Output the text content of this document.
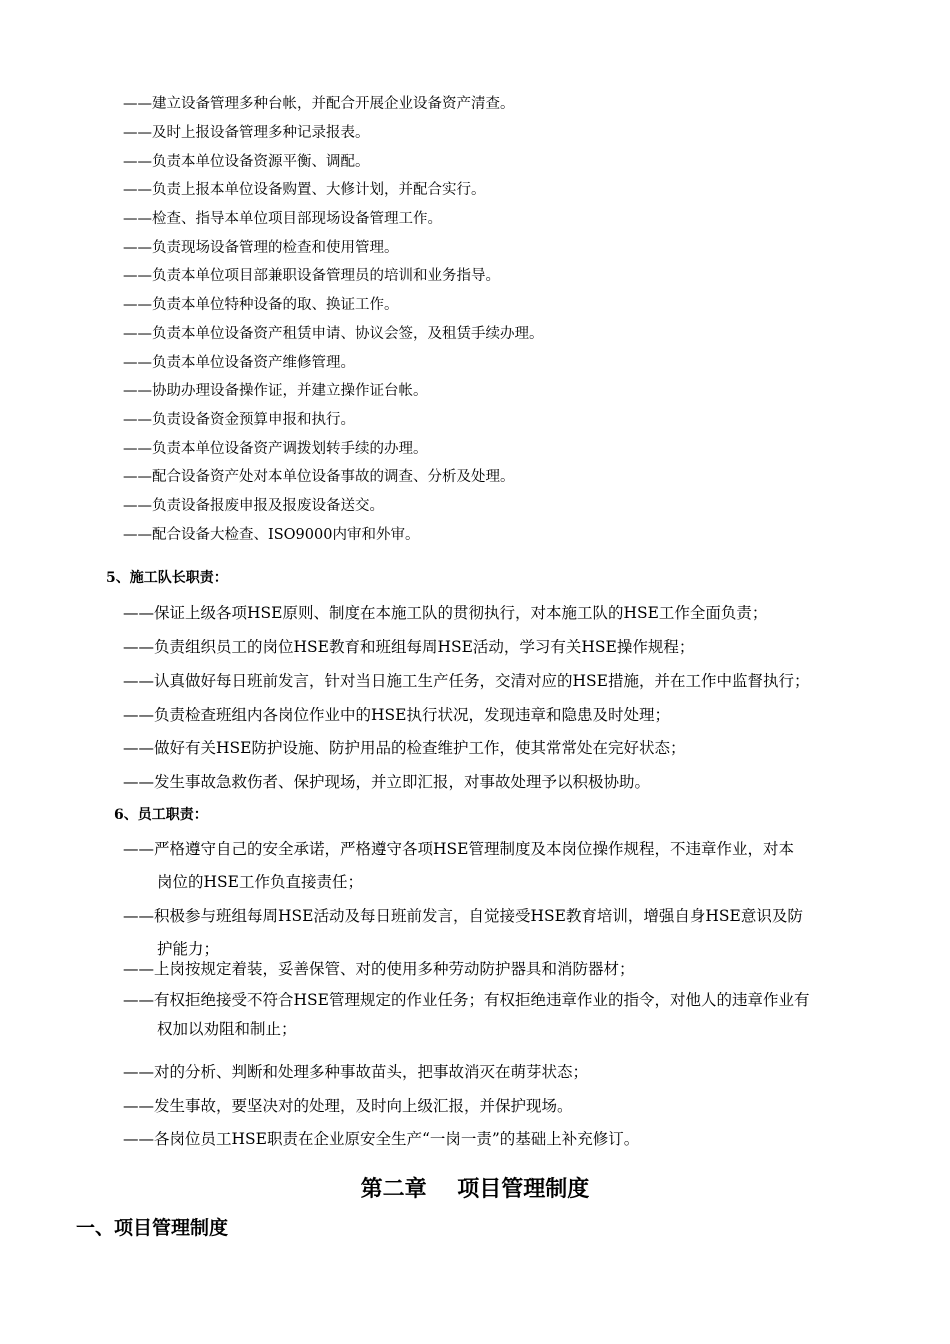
——建立设备管理多种台帐，并配合开展企业设备资产清查。
——及时上报设备管理多种记录报表。
——负责本单位设备资源平衡、调配。
——负责上报本单位设备购置、大修计划，并配合实行。
——检查、指导本单位项目部现场设备管理工作。
——负责现场设备管理的检查和使用管理。
——负责本单位项目部兼职设备管理员的培训和业务指导。
——负责本单位特种设备的取、换证工作。
——负责本单位设备资产租赁申请、协议会签，及租赁手续办理。
——负责本单位设备资产维修管理。
——协助办理设备操作证，并建立操作证台帐。
——负责设备资金预算申报和执行。
——负责本单位设备资产调拨划转手续的办理。
——配合设备资产处对本单位设备事故的调查、分析及处理。
——负责设备报废申报及报废设备送交。
——配合设备大检查、ISO9000内审和外审。
5、施工队长职责：
——保证上级各项HSE原则、制度在本施工队的贯彻执行，对本施工队的HSE工作全面负责；
——负责组织员工的岗位HSE教育和班组每周HSE活动，学习有关HSE操作规程；
——认真做好每日班前发言，针对当日施工生产任务，交清对应的HSE措施，并在工作中监督执行；
——负责检查班组内各岗位作业中的HSE执行状况，发现违章和隐患及时处理；
——做好有关HSE防护设施、防护用品的检查维护工作，使其常常处在完好状态；
——发生事故急救伤者、保护现场，并立即汇报，对事故处理予以积极协助。
6、员工职责：
——严格遵守自己的安全承诺，严格遵守各项HSE管理制度及本岗位操作规程，不违章作业，对本
岗位的HSE工作负直接责任；
——积极参与班组每周HSE活动及每日班前发言，自觉接受HSE教育培训，增强自身HSE意识及防
护能力；
——上岗按规定着装，妥善保管、对的使用多种劳动防护器具和消防器材；
——有权拒绝接受不符合HSE管理规定的作业任务；有权拒绝违章作业的指令，对他人的违章作业有
权加以劝阻和制止；
——对的分析、判断和处理多种事故苗头，把事故消灭在萌芽状态；
——发生事故，要坚决对的处理，及时向上级汇报，并保护现场。
——各岗位员工HSE职责在企业原安全生产“一岗一责”的基础上补充修订。
第二章    项目管理制度
一、项目管理制度
